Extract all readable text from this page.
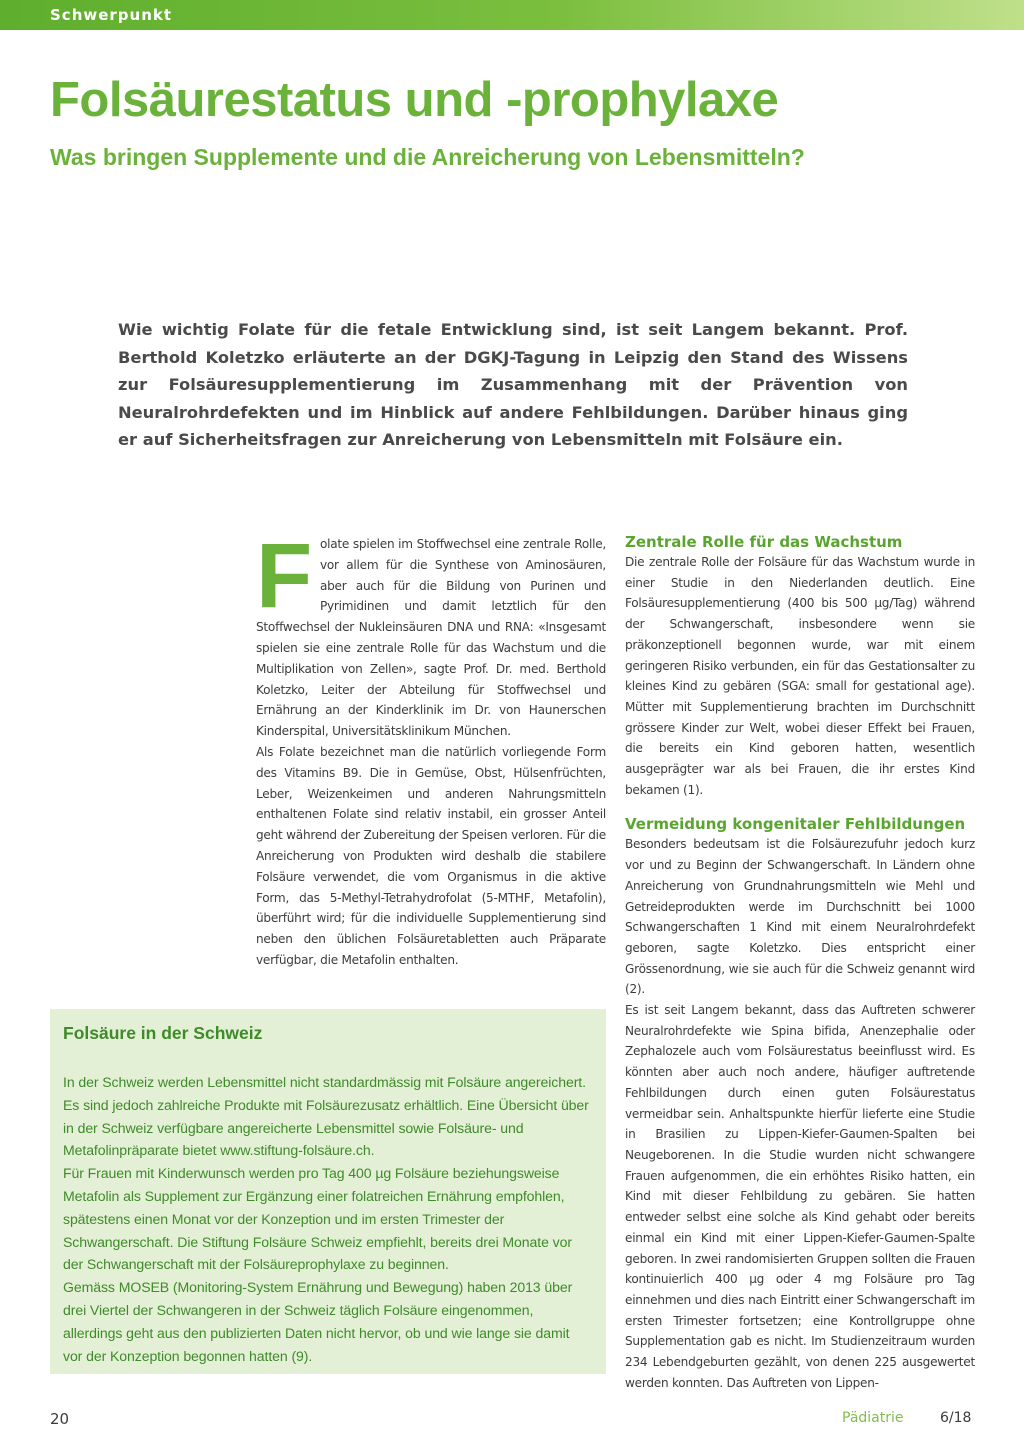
Schwerpunkt
Folsäurestatus und -prophylaxe
Was bringen Supplemente und die Anreicherung von Lebensmitteln?
Wie wichtig Folate für die fetale Entwicklung sind, ist seit Langem bekannt. Prof. Berthold Koletzko erläuterte an der DGKJ-Tagung in Leipzig den Stand des Wissens zur Folsäuresupplementierung im Zusammenhang mit der Prävention von Neuralrohrdefekten und im Hinblick auf andere Fehlbildungen. Darüber hinaus ging er auf Sicherheitsfragen zur Anreicherung von Lebensmitteln mit Folsäure ein.

Folate spielen im Stoffwechsel eine zentrale Rolle, vor allem für die Synthese von Aminosäuren, aber auch für die Bildung von Purinen und Pyrimidinen und damit letztlich für den Stoffwechsel der Nukleinsäuren DNA und RNA: «Insgesamt spielen sie eine zentrale Rolle für das Wachstum und die Multiplikation von Zellen», sagte Prof. Dr. med. Berthold Koletzko, Leiter der Abteilung für Stoffwechsel und Ernährung an der Kinderklinik im Dr. von Haunerschen Kinderspital, Universitätsklinikum München.

Als Folate bezeichnet man die natürlich vorliegende Form des Vitamins B9. Die in Gemüse, Obst, Hülsenfrüchten, Leber, Weizenkeimen und anderen Nahrungsmitteln enthaltenen Folate sind relativ instabil, ein grosser Anteil geht während der Zubereitung der Speisen verloren. Für die Anreicherung von Produkten wird deshalb die stabilere Folsäure verwendet, die vom Organismus in die aktive Form, das 5-Methyl-Tetrahydrofolat (5-MTHF, Metafolin), überführt wird; für die individuelle Supplementierung sind neben den üblichen Folsäuretabletten auch Präparate verfügbar, die Metafolin enthalten.

Zentrale Rolle für das Wachstum

Die zentrale Rolle der Folsäure für das Wachstum wurde in einer Studie in den Niederlanden deutlich. Eine Folsäuresupplementierung (400 bis 500 µg/Tag) während der Schwangerschaft, insbesondere wenn sie präkonzeptionell begonnen wurde, war mit einem geringeren Risiko verbunden, ein für das Gestationsalter zu kleines Kind zu gebären (SGA: small for gestational age). Mütter mit Supplementierung brachten im Durchschnitt grössere Kinder zur Welt, wobei dieser Effekt bei Frauen, die bereits ein Kind geboren hatten, wesentlich ausgeprägter war als bei Frauen, die ihr erstes Kind bekamen (1).

Vermeidung kongenitaler Fehlbildungen

Besonders bedeutsam ist die Folsäurezufuhr jedoch kurz vor und zu Beginn der Schwangerschaft. In Ländern ohne Anreicherung von Grundnahrungsmitteln wie Mehl und Getreideprodukten werde im Durchschnitt bei 1000 Schwangerschaften 1 Kind mit einem Neuralrohrdefekt geboren, sagte Koletzko. Dies entspricht einer Grössenordnung, wie sie auch für die Schweiz genannt wird (2).

Es ist seit Langem bekannt, dass das Auftreten schwerer Neuralrohrdefekte wie Spina bifida, Anenzephalie oder Zephalozele auch vom Folsäurestatus beeinflusst wird. Es könnten aber auch noch andere, häufiger auftretende Fehlbildungen durch einen guten Folsäurestatus vermeidbar sein. Anhaltspunkte hierfür lieferte eine Studie in Brasilien zu Lippen-Kiefer-Gaumen-Spalten bei Neugeborenen. In die Studie wurden nicht schwangere Frauen aufgenommen, die ein erhöhtes Risiko hatten, ein Kind mit dieser Fehlbildung zu gebären. Sie hatten entweder selbst eine solche als Kind gehabt oder bereits einmal ein Kind mit einer Lippen-Kiefer-Gaumen-Spalte geboren. In zwei randomisierten Gruppen sollten die Frauen kontinuierlich 400 µg oder 4 mg Folsäure pro Tag einnehmen und dies nach Eintritt einer Schwangerschaft im ersten Trimester fortsetzen; eine Kontrollgruppe ohne Supplementation gab es nicht. Im Studienzeitraum wurden 234 Lebendgeburten gezählt, von denen 225 ausgewertet werden konnten. Das Auftreten von Lippen-

Folsäure in der Schweiz

In der Schweiz werden Lebensmittel nicht standardmässig mit Folsäure angereichert. Es sind jedoch zahlreiche Produkte mit Folsäurezusatz erhältlich. Eine Übersicht über in der Schweiz verfügbare angereicherte Lebensmittel sowie Folsäure- und Metafolinpräparate bietet www.stiftung-folsäure.ch.

Für Frauen mit Kinderwunsch werden pro Tag 400 µg Folsäure beziehungsweise Metafolin als Supplement zur Ergänzung einer folatreichen Ernährung empfohlen, spätestens einen Monat vor der Konzeption und im ersten Trimester der Schwangerschaft. Die Stiftung Folsäure Schweiz empfiehlt, bereits drei Monate vor der Schwangerschaft mit der Folsäureprophylaxe zu beginnen.

Gemäss MOSEB (Monitoring-System Ernährung und Bewegung) haben 2013 über drei Viertel der Schwangeren in der Schweiz täglich Folsäure eingenommen, allerdings geht aus den publizierten Daten nicht hervor, ob und wie lange sie damit vor der Konzeption begonnen hatten (9).

20	Pädiatrie	6/18
